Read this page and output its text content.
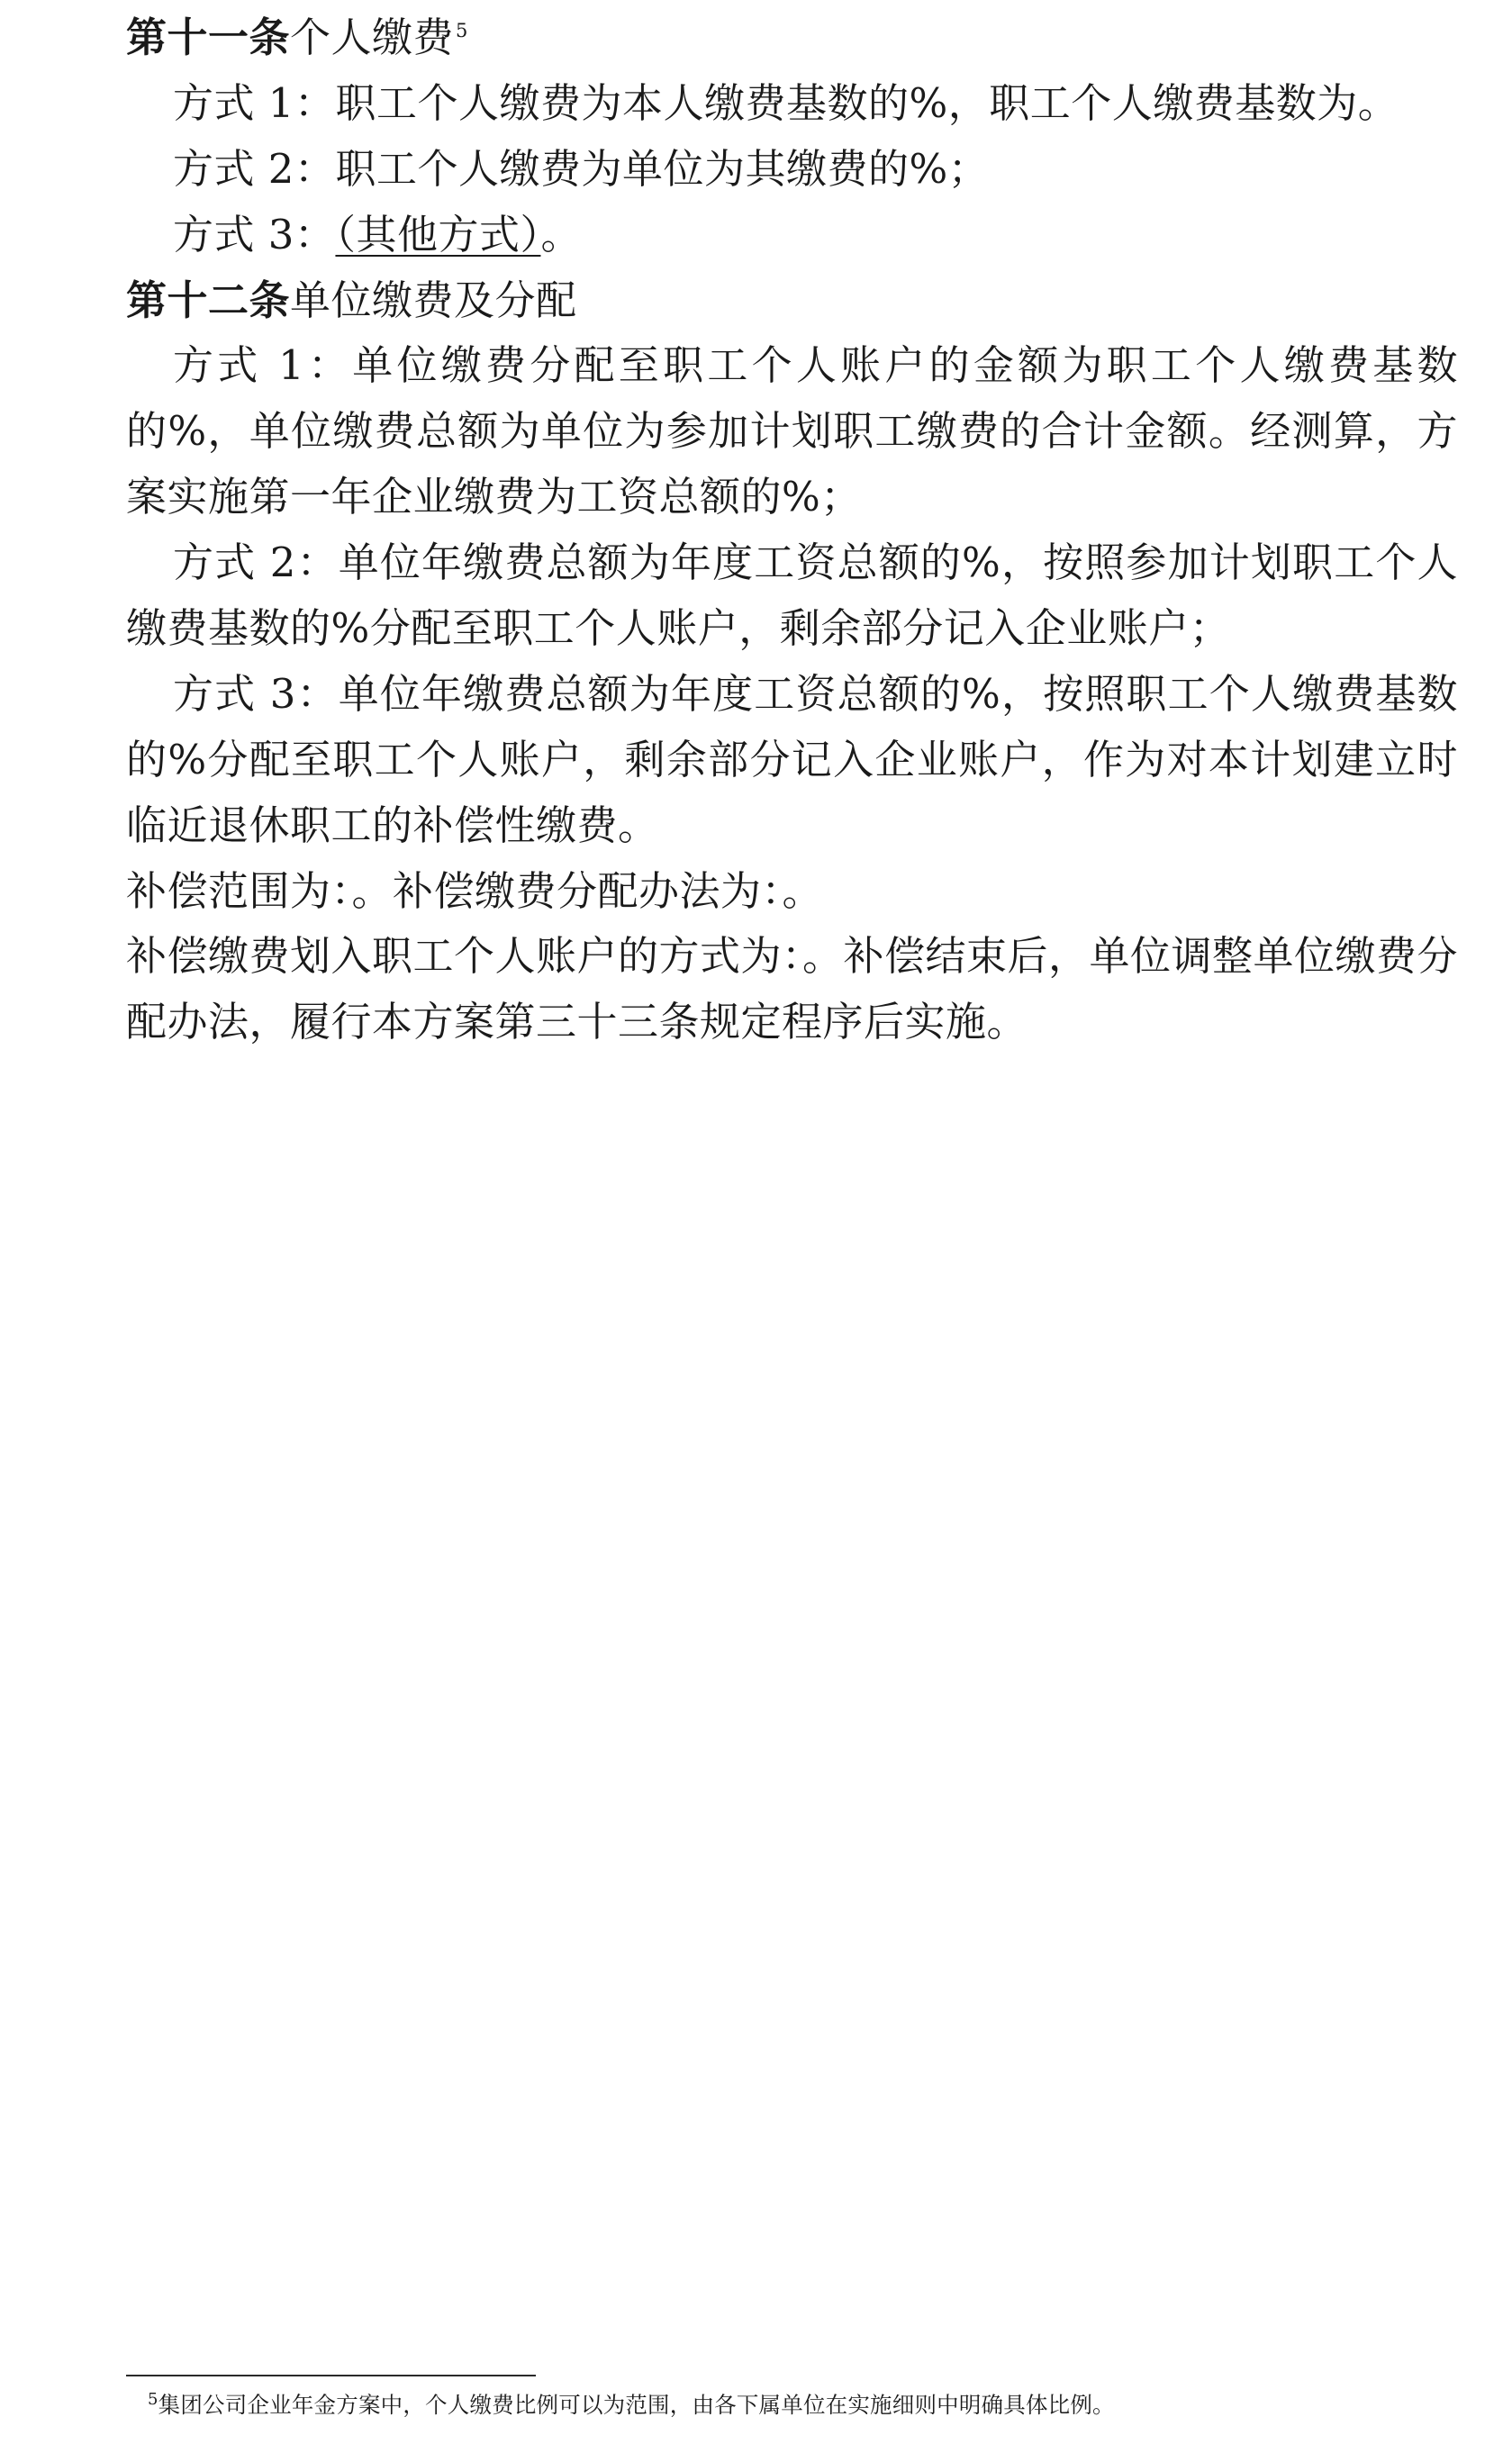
第十一条个人缴费$^5$

方式 1：职工个人缴费为本人缴费基数的%，职工个人缴费基数为。

方式 2：职工个人缴费为单位为其缴费的%；

方式 3：（其他方式）。

第十二条单位缴费及分配

方式 1：单位缴费分配至职工个人账户的金额为职工个人缴费基数的%，单位缴费总额为单位为参加计划职工缴费的合计金额。经测算，方案实施第一年企业缴费为工资总额的%；

方式 2：单位年缴费总额为年度工资总额的%，按照参加计划职工个人缴费基数的%分配至职工个人账户，剩余部分记入企业账户；

方式 3：单位年缴费总额为年度工资总额的%，按照职工个人缴费基数的%分配至职工个人账户，剩余部分记入企业账户，作为对本计划建立时临近退休职工的补偿性缴费。

补偿范围为：。补偿缴费分配办法为：。

补偿缴费划入职工个人账户的方式为：。补偿结束后，单位调整单位缴费分配办法，履行本方案第三十三条规定程序后实施。

$^5$集团公司企业年金方案中，个人缴费比例可以为范围，由各下属单位在实施细则中明确具体比例。
